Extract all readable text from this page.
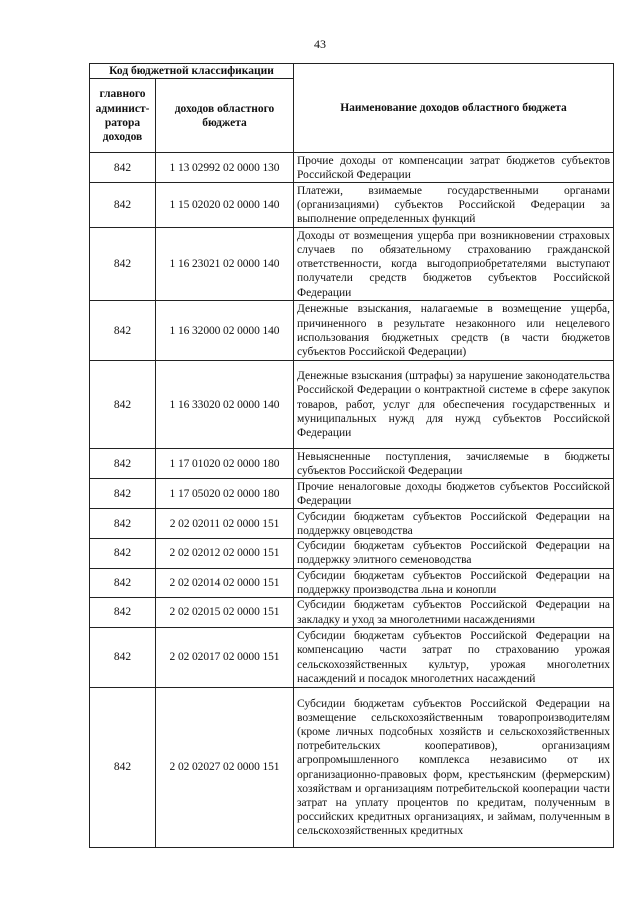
43
Код бюджетной классификации		Наименование доходов областного бюджета
главного админист-ратора доходов	доходов областного бюджета	
842	1 13 02992 02 0000 130	Прочие доходы от компенсации затрат бюджетов субъектов Российской Федерации
842	1 15 02020 02 0000 140	Платежи, взимаемые государственными органами (организациями) субъектов Российской Федерации за выполнение определенных функций
842	1 16 23021 02 0000 140	Доходы от возмещения ущерба при возникновении страховых случаев по обязательному страхованию гражданской ответственности, когда выгодоприобретателями выступают получатели средств бюджетов субъектов Российской Федерации
842	1 16 32000 02 0000 140	Денежные взыскания, налагаемые в возмещение ущерба, причиненного в результате незаконного или нецелевого использования бюджетных средств (в части бюджетов субъектов Российской Федерации)
842	1 16 33020 02 0000 140	Денежные взыскания (штрафы) за нарушение законодательства Российской Федерации о контрактной системе в сфере закупок товаров, работ, услуг для обеспечения государственных и муниципальных нужд для нужд субъектов Российской Федерации
842	1 17 01020 02 0000 180	Невыясненные поступления, зачисляемые в бюджеты субъектов Российской Федерации
842	1 17 05020 02 0000 180	Прочие неналоговые доходы бюджетов субъектов Российской Федерации
842	2 02 02011 02 0000 151	Субсидии бюджетам субъектов Российской Федерации на поддержку овцеводства
842	2 02 02012 02 0000 151	Субсидии бюджетам субъектов Российской Федерации на поддержку элитного семеноводства
842	2 02 02014 02 0000 151	Субсидии бюджетам субъектов Российской Федерации на поддержку производства льна и конопли
842	2 02 02015 02 0000 151	Субсидии бюджетам субъектов Российской Федерации на закладку и уход за многолетними насаждениями
842	2 02 02017 02 0000 151	Субсидии бюджетам субъектов Российской Федерации на компенсацию части затрат по страхованию урожая сельскохозяйственных культур, урожая многолетних насаждений и посадок многолетних насаждений
842	2 02 02027 02 0000 151	Субсидии бюджетам субъектов Российской Федерации на возмещение сельскохозяйственным товаропроизводителям (кроме личных подсобных хозяйств и сельскохозяйственных потребительских кооперативов), организациям агропромышленного комплекса независимо от их организационно-правовых форм, крестьянским (фермерским) хозяйствам и организациям потребительской кооперации части затрат на уплату процентов по кредитам, полученным в российских кредитных организациях, и займам, полученным в сельскохозяйственных кредитных
